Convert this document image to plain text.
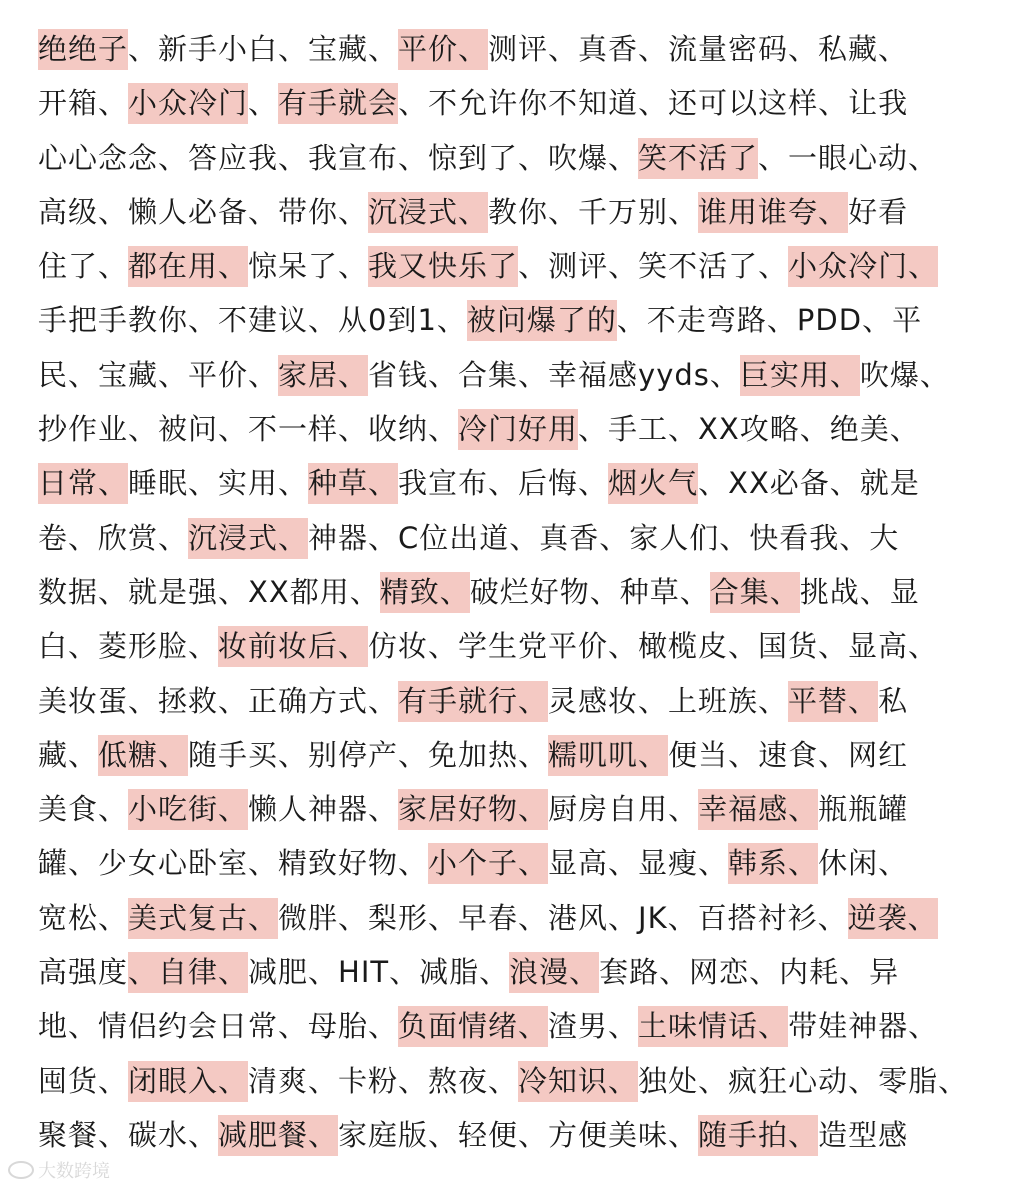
绝绝子、新手小白、宝藏、平价、测评、真香、流量密码、私藏、
开箱、小众冷门、有手就会、不允许你不知道、还可以这样、让我
心心念念、答应我、我宣布、惊到了、吹爆、笑不活了、一眼心动、
高级、懒人必备、带你、沉浸式、教你、千万别、谁用谁夸、好看
住了、都在用、惊呆了、我又快乐了、测评、笑不活了、小众冷门、
手把手教你、不建议、从0到1、被问爆了的、不走弯路、PDD、平
民、宝藏、平价、家居、省钱、合集、幸福感yyds、巨实用、吹爆、
抄作业、被问、不一样、收纳、冷门好用、手工、XX攻略、绝美、
日常、睡眠、实用、种草、我宣布、后悔、烟火气、XX必备、就是
卷、欣赏、沉浸式、神器、C位出道、真香、家人们、快看我、大
数据、就是强、XX都用、精致、破烂好物、种草、合集、挑战、显
白、菱形脸、妆前妆后、仿妆、学生党平价、橄榄皮、国货、显高、
美妆蛋、拯救、正确方式、有手就行、灵感妆、上班族、平替、私
藏、低糖、随手买、别停产、免加热、糯叽叽、便当、速食、网红
美食、小吃街、懒人神器、家居好物、厨房自用、幸福感、瓶瓶罐
罐、少女心卧室、精致好物、小个子、显高、显瘦、韩系、休闲、
宽松、美式复古、微胖、梨形、早春、港风、JK、百搭衬衫、逆袭、
高强度、自律、减肥、HIT、减脂、浪漫、套路、网恋、内耗、异
地、情侣约会日常、母胎、负面情绪、渣男、土味情话、带娃神器、
囤货、闭眼入、清爽、卡粉、熬夜、冷知识、独处、疯狂心动、零脂、
聚餐、碳水、减肥餐、家庭版、轻便、方便美味、随手拍、造型感
大数跨境
